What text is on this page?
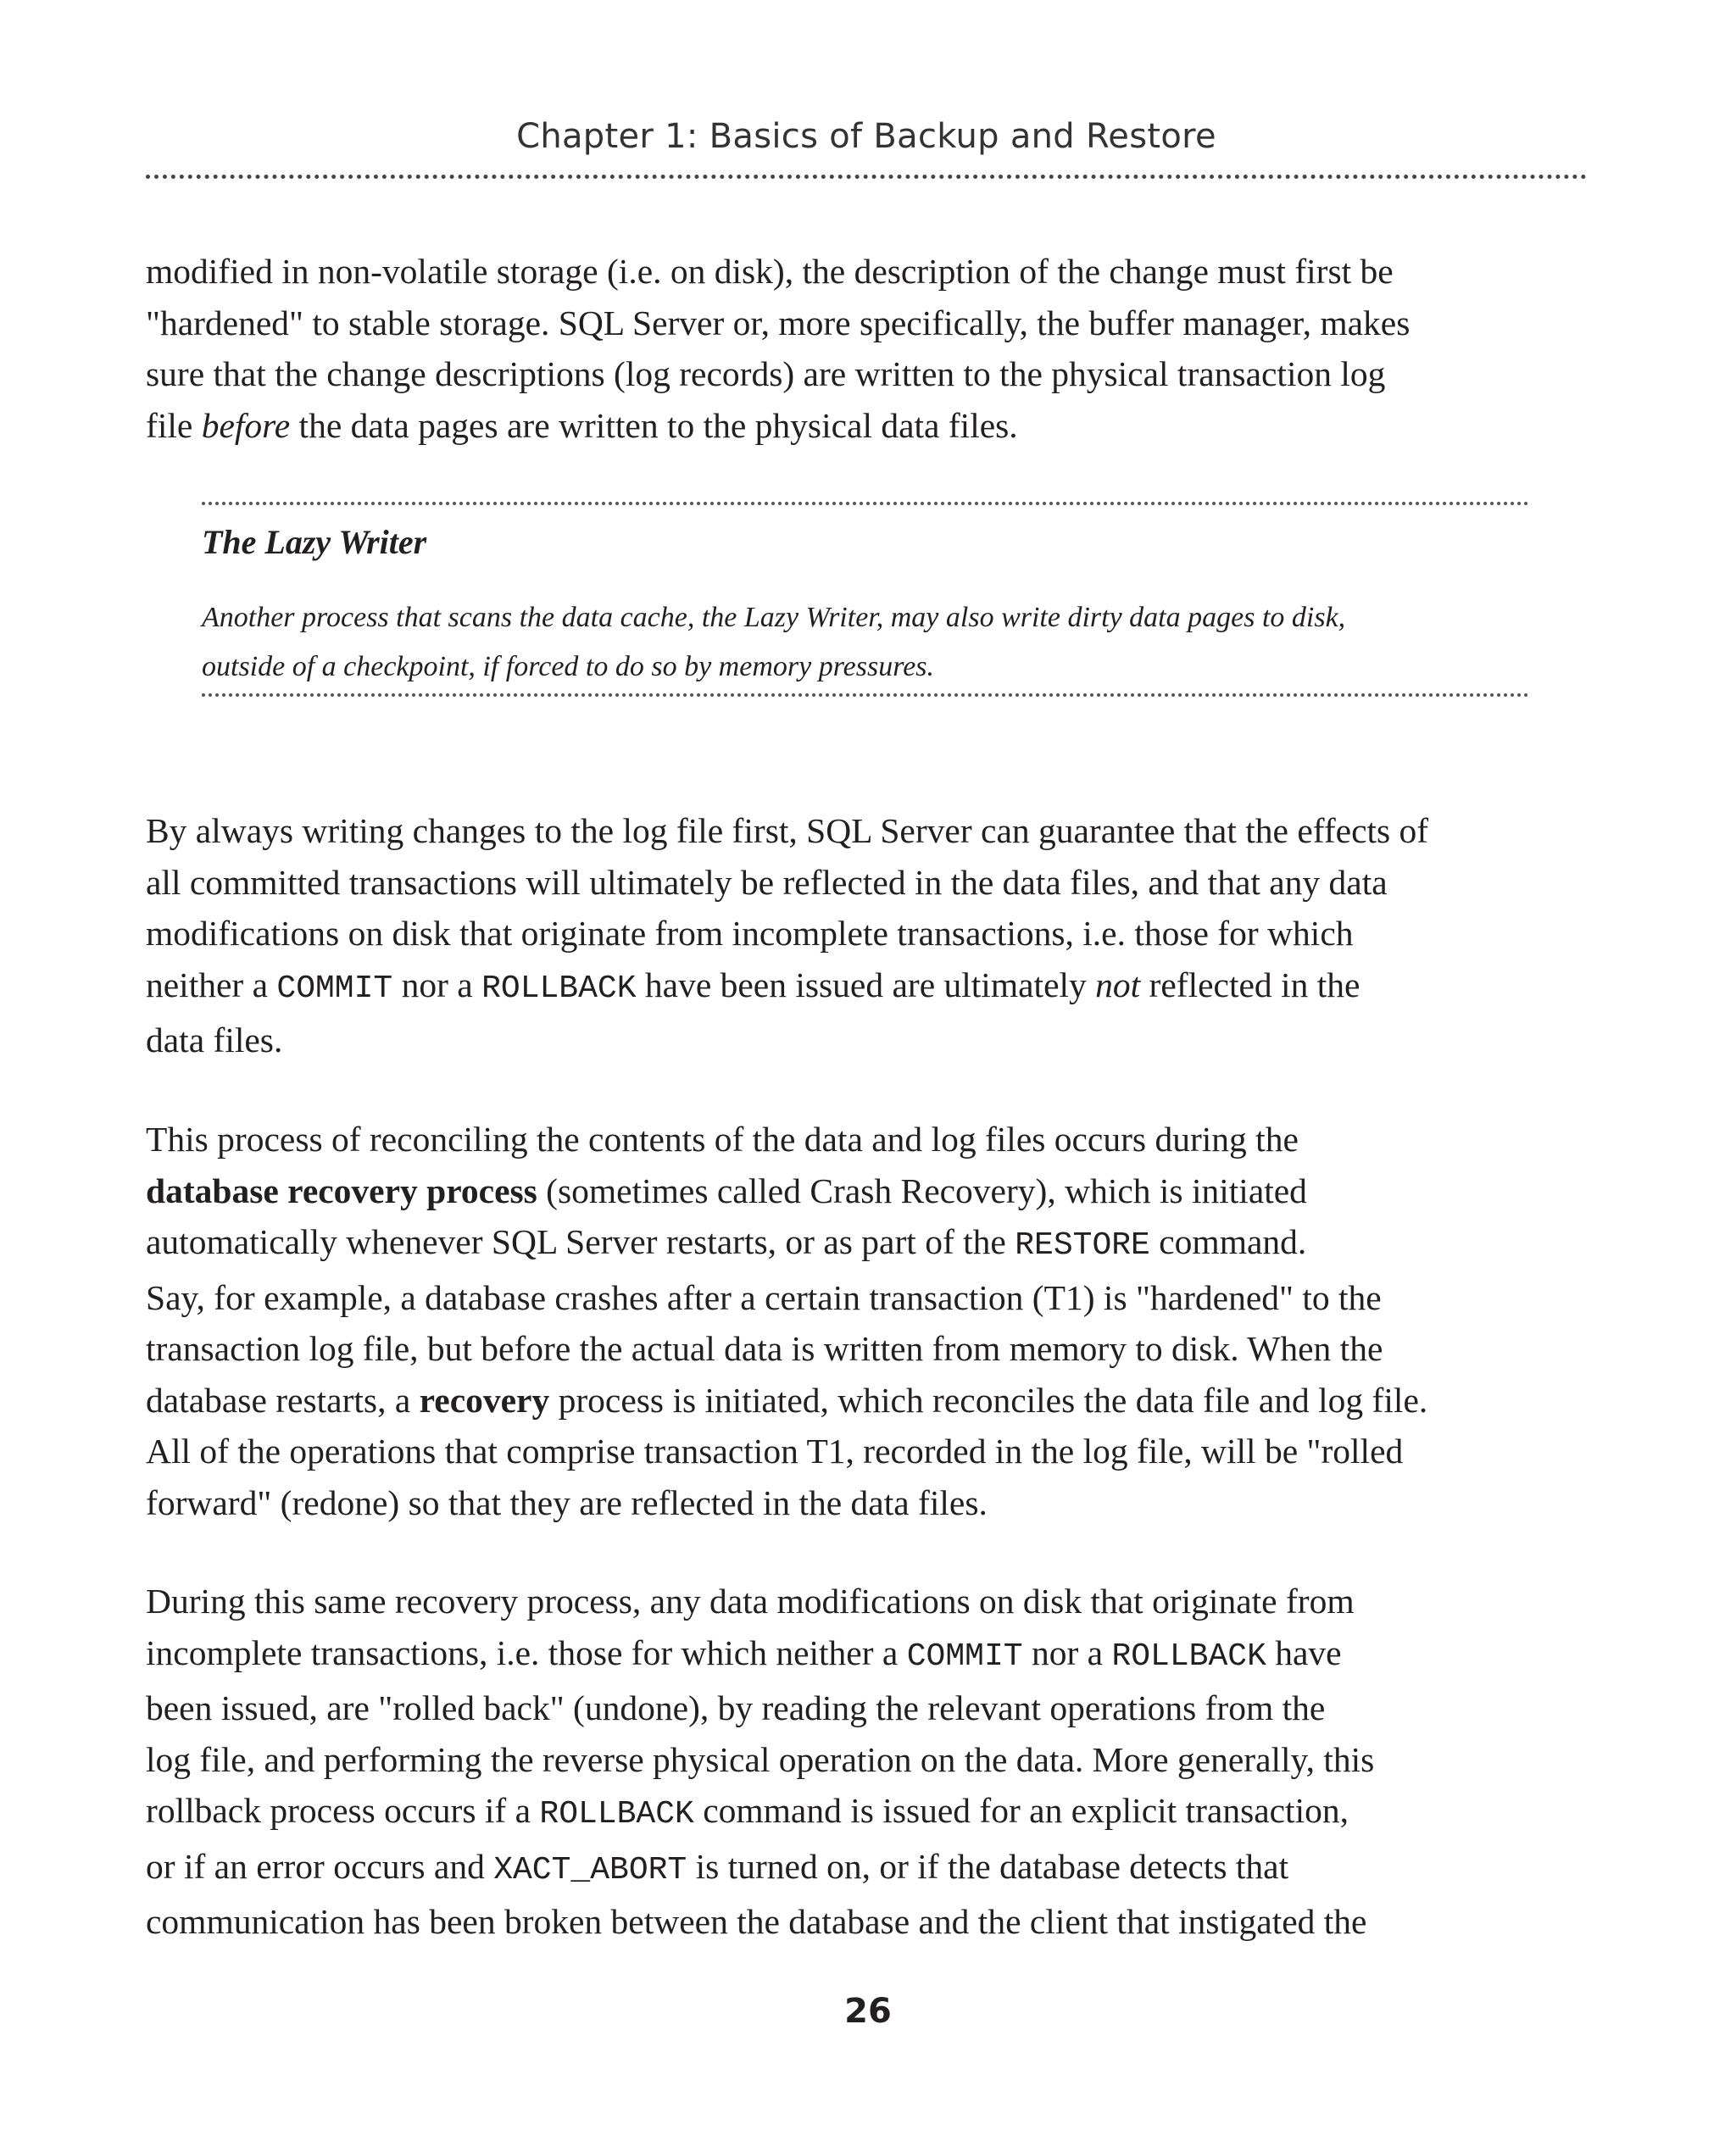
Chapter 1: Basics of Backup and Restore
modified in non-volatile storage (i.e. on disk), the description of the change must first be
"hardened" to stable storage. SQL Server or, more specifically, the buffer manager, makes
sure that the change descriptions (log records) are written to the physical transaction log
file before the data pages are written to the physical data files.
The Lazy Writer
Another process that scans the data cache, the Lazy Writer, may also write dirty data pages to disk,
outside of a checkpoint, if forced to do so by memory pressures.
By always writing changes to the log file first, SQL Server can guarantee that the effects of
all committed transactions will ultimately be reflected in the data files, and that any data
modifications on disk that originate from incomplete transactions, i.e. those for which
neither a COMMIT nor a ROLLBACK have been issued are ultimately not reflected in the
data files.
This process of reconciling the contents of the data and log files occurs during the
database recovery process (sometimes called Crash Recovery), which is initiated
automatically whenever SQL Server restarts, or as part of the RESTORE command.
Say, for example, a database crashes after a certain transaction (T1) is "hardened" to the
transaction log file, but before the actual data is written from memory to disk. When the
database restarts, a recovery process is initiated, which reconciles the data file and log file.
All of the operations that comprise transaction T1, recorded in the log file, will be "rolled
forward" (redone) so that they are reflected in the data files.
During this same recovery process, any data modifications on disk that originate from
incomplete transactions, i.e. those for which neither a COMMIT nor a ROLLBACK have
been issued, are "rolled back" (undone), by reading the relevant operations from the
log file, and performing the reverse physical operation on the data. More generally, this
rollback process occurs if a ROLLBACK command is issued for an explicit transaction,
or if an error occurs and XACT_ABORT is turned on, or if the database detects that
communication has been broken between the database and the client that instigated the
26
